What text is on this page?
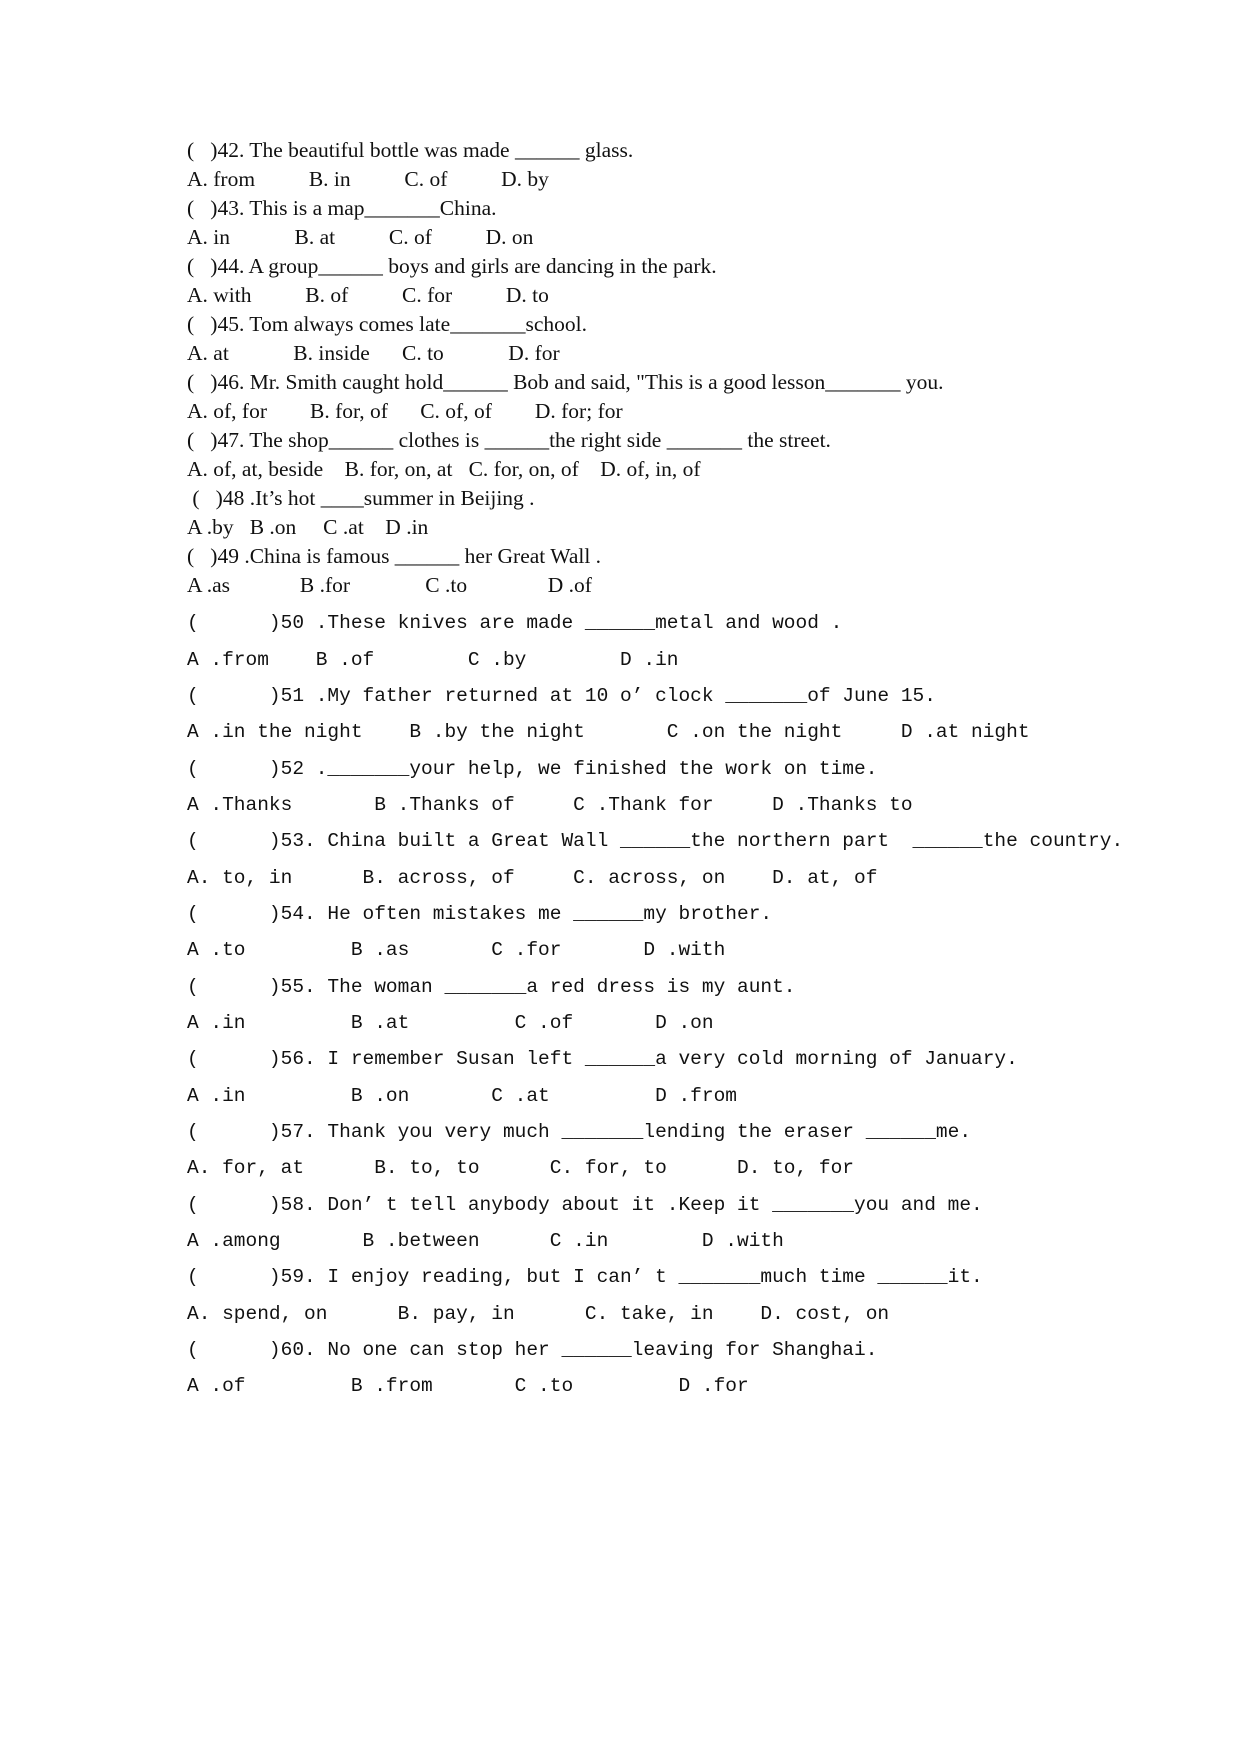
(   )42. The beautiful bottle was made ______ glass.
A. from          B. in          C. of          D. by
(   )43. This is a map_______China.
A. in            B. at          C. of          D. on
(   )44. A group______ boys and girls are dancing in the park.
A. with          B. of          C. for          D. to
(   )45. Tom always comes late_______school.
A. at            B. inside      C. to            D. for
(   )46. Mr. Smith caught hold______ Bob and said, "This is a good lesson_______ you.
A. of, for        B. for, of      C. of, of        D. for; for
(   )47. The shop______ clothes is ______the right side _______ the street.
A. of, at, beside    B. for, on, at   C. for, on, of    D. of, in, of
(   )48 .It’s hot ____summer in Beijing .
A .by   B .on     C .at    D .in
(   )49 .China is famous ______ her Great Wall .
A .as             B .for              C .to               D .of
(      )50 .These knives are made ______metal and wood .
A .from    B .of        C .by        D .in
(      )51 .My father returned at 10 o’ clock _______of June 15.
A .in the night    B .by the night       C .on the night     D .at night
(      )52 ._______your help, we finished the work on time.
A .Thanks       B .Thanks of     C .Thank for     D .Thanks to
(      )53. China built a Great Wall ______the northern part  ______the country.
A. to, in      B. across, of     C. across, on    D. at, of
(      )54. He often mistakes me ______my brother.
A .to         B .as       C .for       D .with
(      )55. The woman _______a red dress is my aunt.
A .in         B .at         C .of       D .on
(      )56. I remember Susan left ______a very cold morning of January.
A .in         B .on       C .at         D .from
(      )57. Thank you very much _______lending the eraser ______me.
A. for, at      B. to, to      C. for, to      D. to, for
(      )58. Don’ t tell anybody about it .Keep it _______you and me.
A .among       B .between      C .in        D .with
(      )59. I enjoy reading, but I can’ t _______much time ______it.
A. spend, on      B. pay, in      C. take, in    D. cost, on
(      )60. No one can stop her ______leaving for Shanghai.
A .of         B .from       C .to         D .for
